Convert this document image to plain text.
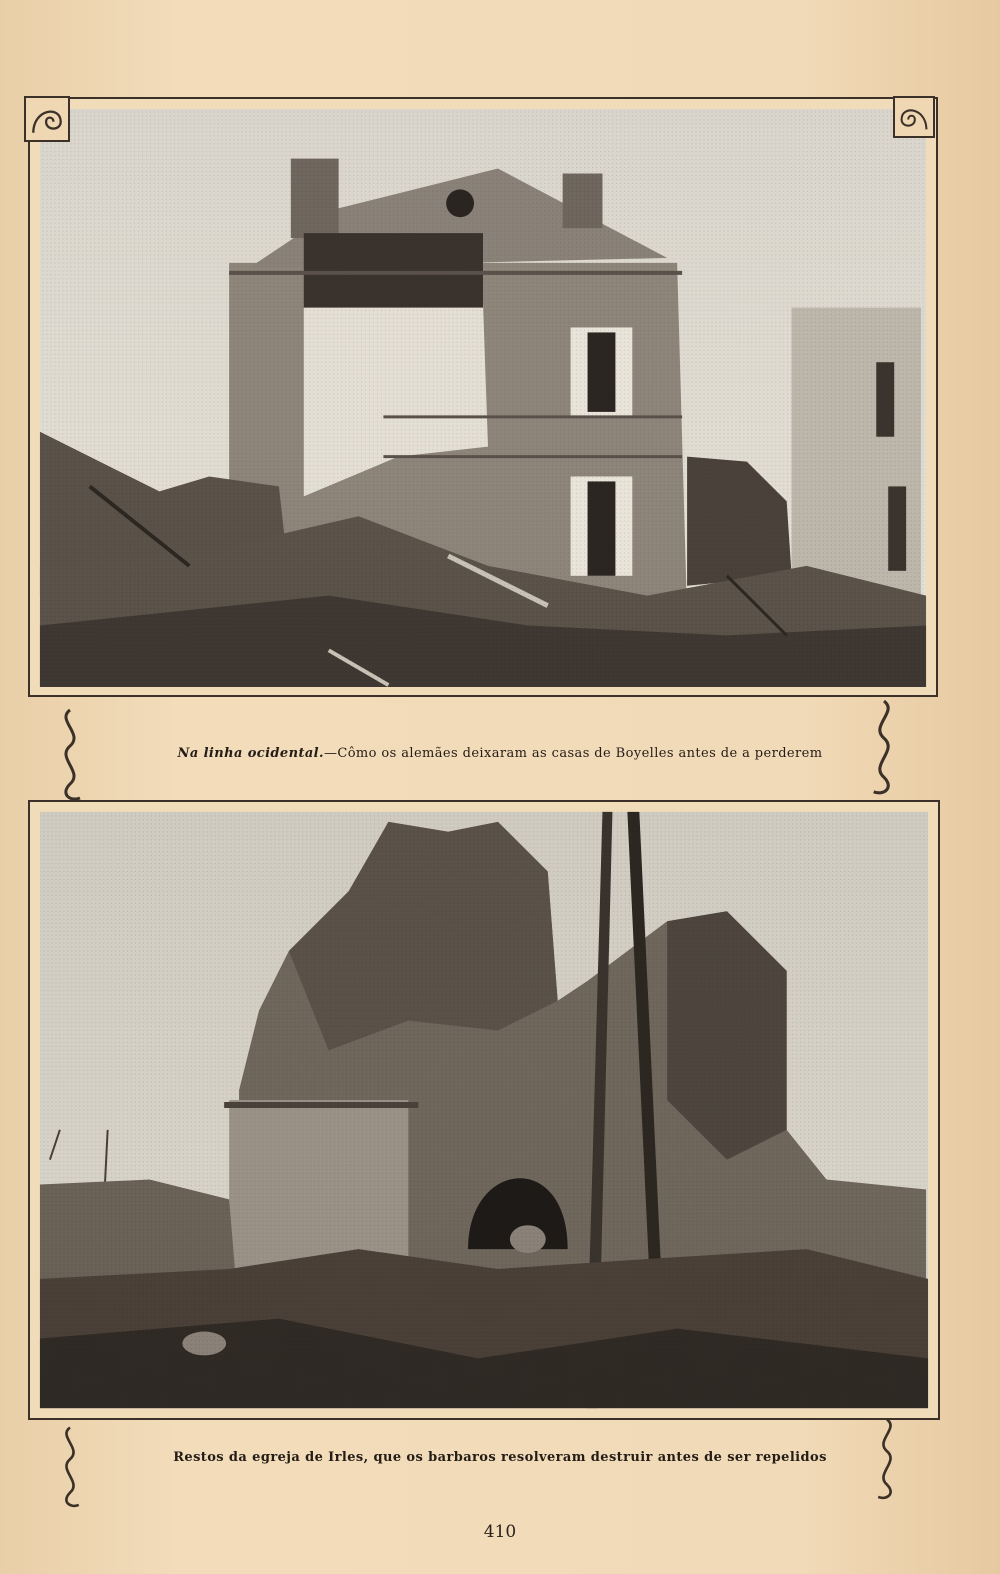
Na linha ocidental.—Cômo os alemães deixaram as casas de Boyelles antes de a perderem
Restos da egreja de Irles, que os barbaros resolveram destruir antes de ser repelidos
410
